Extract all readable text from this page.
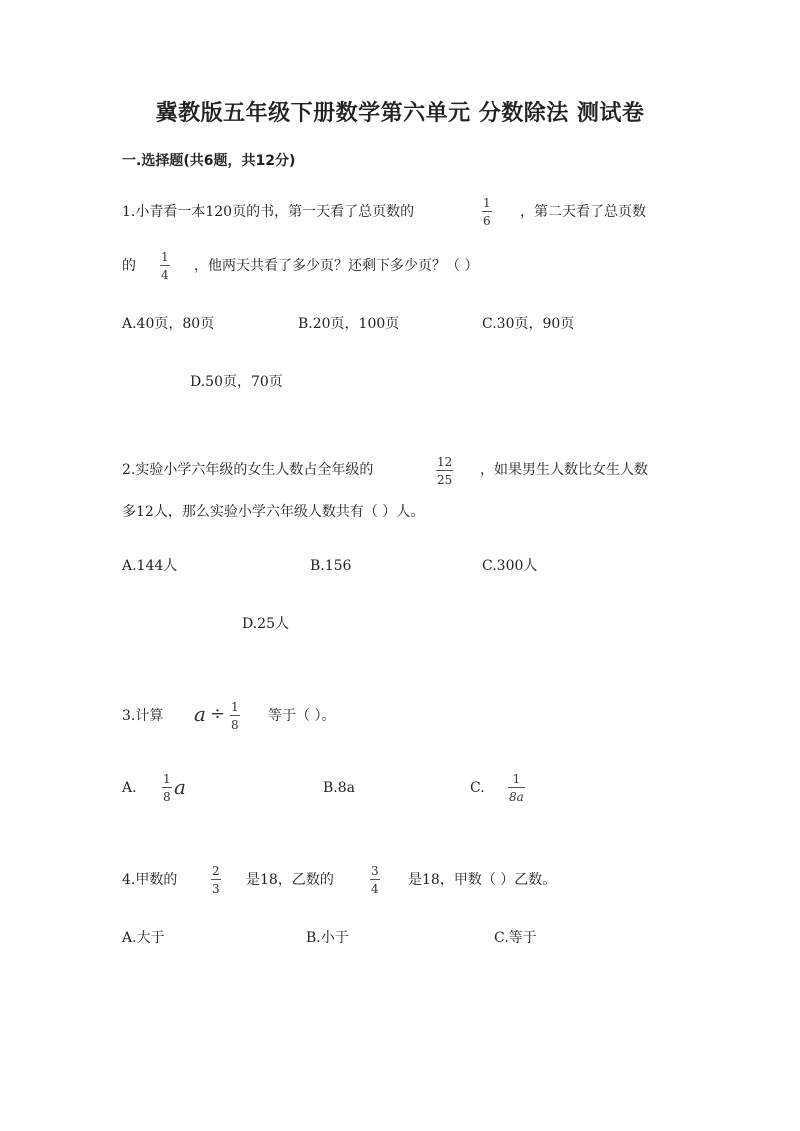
冀教版五年级下册数学第六单元 分数除法 测试卷
一.选择题(共6题，共12分)
1.小青看一本120页的书，第一天看了总页数的
1
6
，第二天看了总页数
的
1
4
，他两天共看了多少页？还剩下多少页？（ ）
A.40页，80页	B.20页，100页	C.30页，90页
D.50页，70页
2.实验小学六年级的女生人数占全年级的	12
25
，如果男生人数比女生人数
多12人，那么实验小学六年级人数共有（ ）人。
A.144人	B.156	C.300人
D.25人
3.计算 a ÷ 1
8
等于（ ）。
A.
1
8 a	B.8a	C.
1
8a
4.甲数的
2
3
是18，乙数的
3
4
是18，甲数（ ）乙数。
A.大于	B.小于	C.等于
